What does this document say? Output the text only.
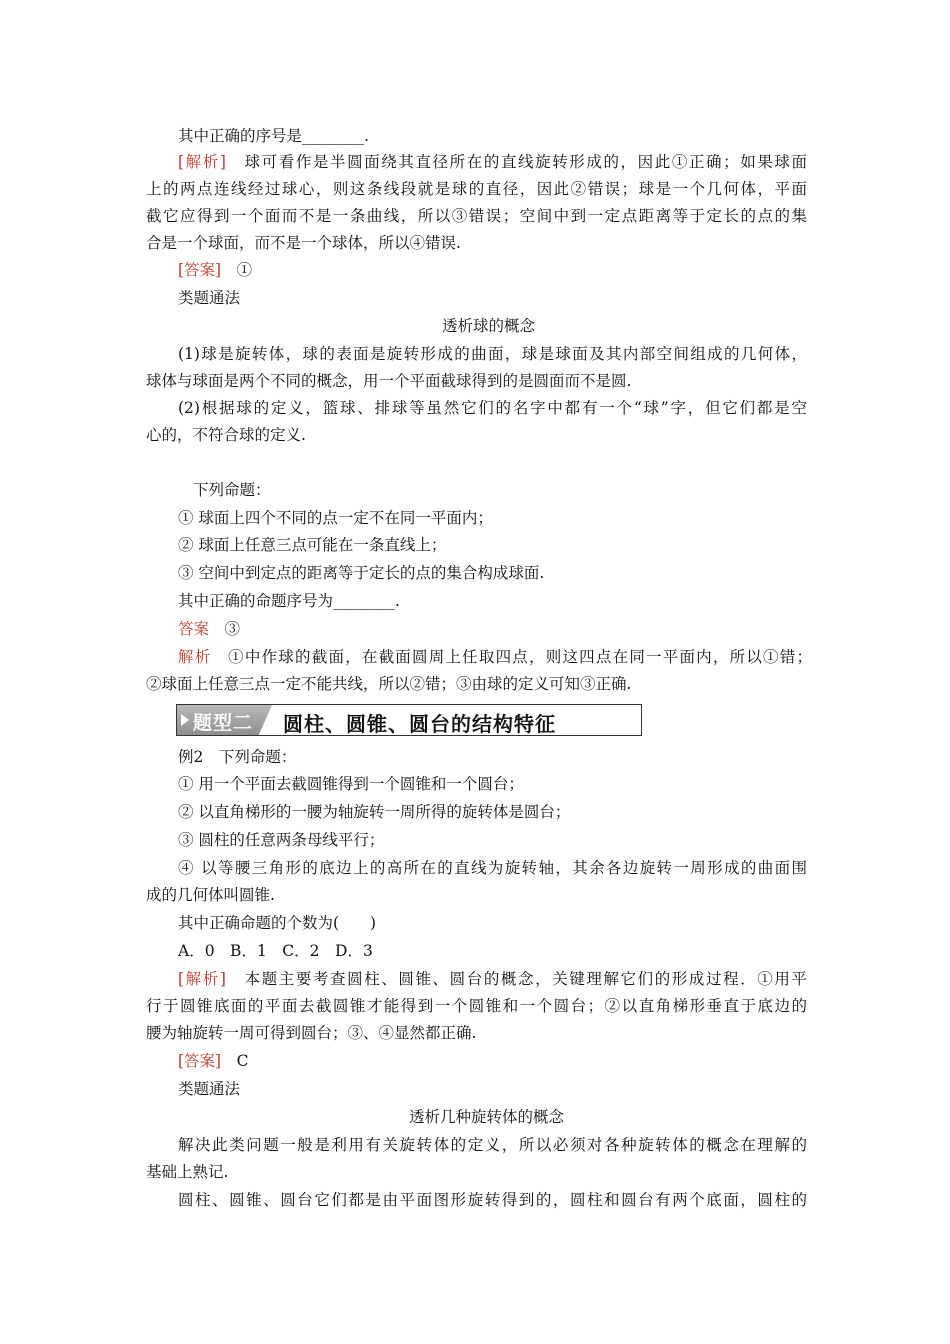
其中正确的序号是________.
[解析]　 球可看作是半圆面绕其直径所在的直线旋转形成的，因此①正确；如果球面
上的两点连线经过球心，则这条线段就是球的直径，因此②错误；球是一个几何体，平面
截它应得到一个面而不是一条曲线，所以③错误；空间中到一定点距离等于定长的点的集
合是一个球面，而不是一个球体，所以④错误.
[答案]　 ①
类题通法
透析球的概念
(1)球是旋转体，球的表面是旋转形成的曲面，球是球面及其内部空间组成的几何体，
球体与球面是两个不同的概念，用一个平面截球得到的是圆面而不是圆.
(2)根据球的定义，篮球、排球等虽然它们的名字中都有一个“球”字，但它们都是空
心的，不符合球的定义.
下列命题：
① 球面上四个不同的点一定不在同一平面内；
② 球面上任意三点可能在一条直线上；
③ 空间中到定点的距离等于定长的点的集合构成球面.
其中正确的命题序号为________.
答案　 ③
解析　 ①中作球的截面，在截面圆周上任取四点，则这四点在同一平面内，所以①错；
②球面上任意三点一定不能共线，所以②错；③由球的定义可知③正确.
题型二 圆柱、圆锥、圆台的结构特征
例2　下列命题：
① 用一个平面去截圆锥得到一个圆锥和一个圆台；
② 以直角梯形的一腰为轴旋转一周所得的旋转体是圆台；
③ 圆柱的任意两条母线平行；
④ 以等腰三角形的底边上的高所在的直线为旋转轴，其余各边旋转一周形成的曲面围
成的几何体叫圆锥.
其中正确命题的个数为(　　)
A．0　B．1　C．2　D．3
[解析]　 本题主要考查圆柱、圆锥、圆台的概念，关键理解它们的形成过程．①用平
行于圆锥底面的平面去截圆锥才能得到一个圆锥和一个圆台；②以直角梯形垂直于底边的
腰为轴旋转一周可得到圆台；③、④显然都正确.
[答案]　 C
类题通法
透析几种旋转体的概念
解决此类问题一般是利用有关旋转体的定义，所以必须对各种旋转体的概念在理解的
基础上熟记.
圆柱、圆锥、圆台它们都是由平面图形旋转得到的，圆柱和圆台有两个底面，圆柱的
